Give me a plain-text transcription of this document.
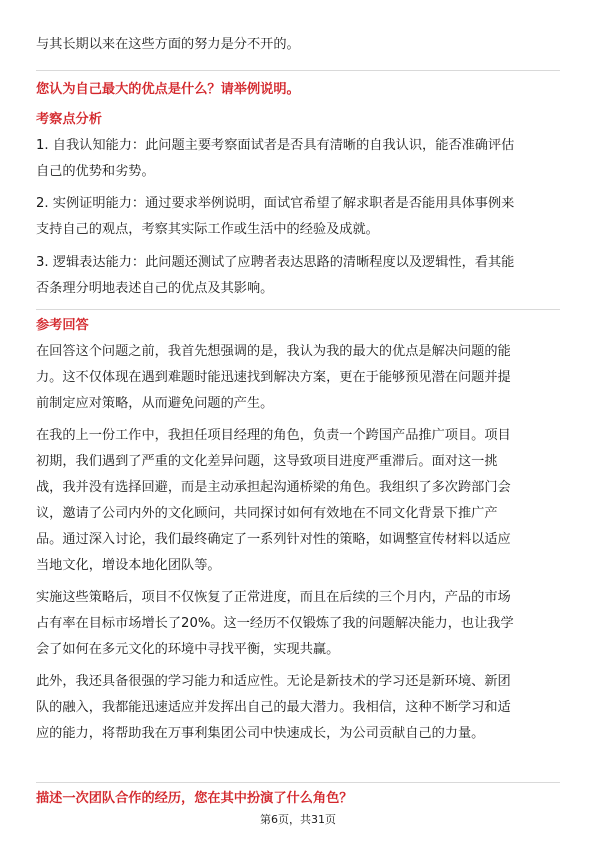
与其长期以来在这些方面的努力是分不开的。
您认为自己最大的优点是什么？请举例说明。
考察点分析
1. 自我认知能力：此问题主要考察面试者是否具有清晰的自我认识，能否准确评估
自己的优势和劣势。
2. 实例证明能力：通过要求举例说明，面试官希望了解求职者是否能用具体事例来
支持自己的观点，考察其实际工作或生活中的经验及成就。
3. 逻辑表达能力：此问题还测试了应聘者表达思路的清晰程度以及逻辑性，看其能
否条理分明地表述自己的优点及其影响。
参考回答
在回答这个问题之前，我首先想强调的是，我认为我的最大的优点是解决问题的能
力。这不仅体现在遇到难题时能迅速找到解决方案，更在于能够预见潜在问题并提
前制定应对策略，从而避免问题的产生。
在我的上一份工作中，我担任项目经理的角色，负责一个跨国产品推广项目。项目
初期，我们遇到了严重的文化差异问题，这导致项目进度严重滞后。面对这一挑
战，我并没有选择回避，而是主动承担起沟通桥梁的角色。我组织了多次跨部门会
议，邀请了公司内外的文化顾问，共同探讨如何有效地在不同文化背景下推广产
品。通过深入讨论，我们最终确定了一系列针对性的策略，如调整宣传材料以适应
当地文化，增设本地化团队等。
实施这些策略后，项目不仅恢复了正常进度，而且在后续的三个月内，产品的市场
占有率在目标市场增长了20%。这一经历不仅锻炼了我的问题解决能力，也让我学
会了如何在多元文化的环境中寻找平衡，实现共赢。
此外，我还具备很强的学习能力和适应性。无论是新技术的学习还是新环境、新团
队的融入，我都能迅速适应并发挥出自己的最大潜力。我相信，这种不断学习和适
应的能力，将帮助我在万事利集团公司中快速成长，为公司贡献自己的力量。
描述一次团队合作的经历，您在其中扮演了什么角色？
第6页，共31页
